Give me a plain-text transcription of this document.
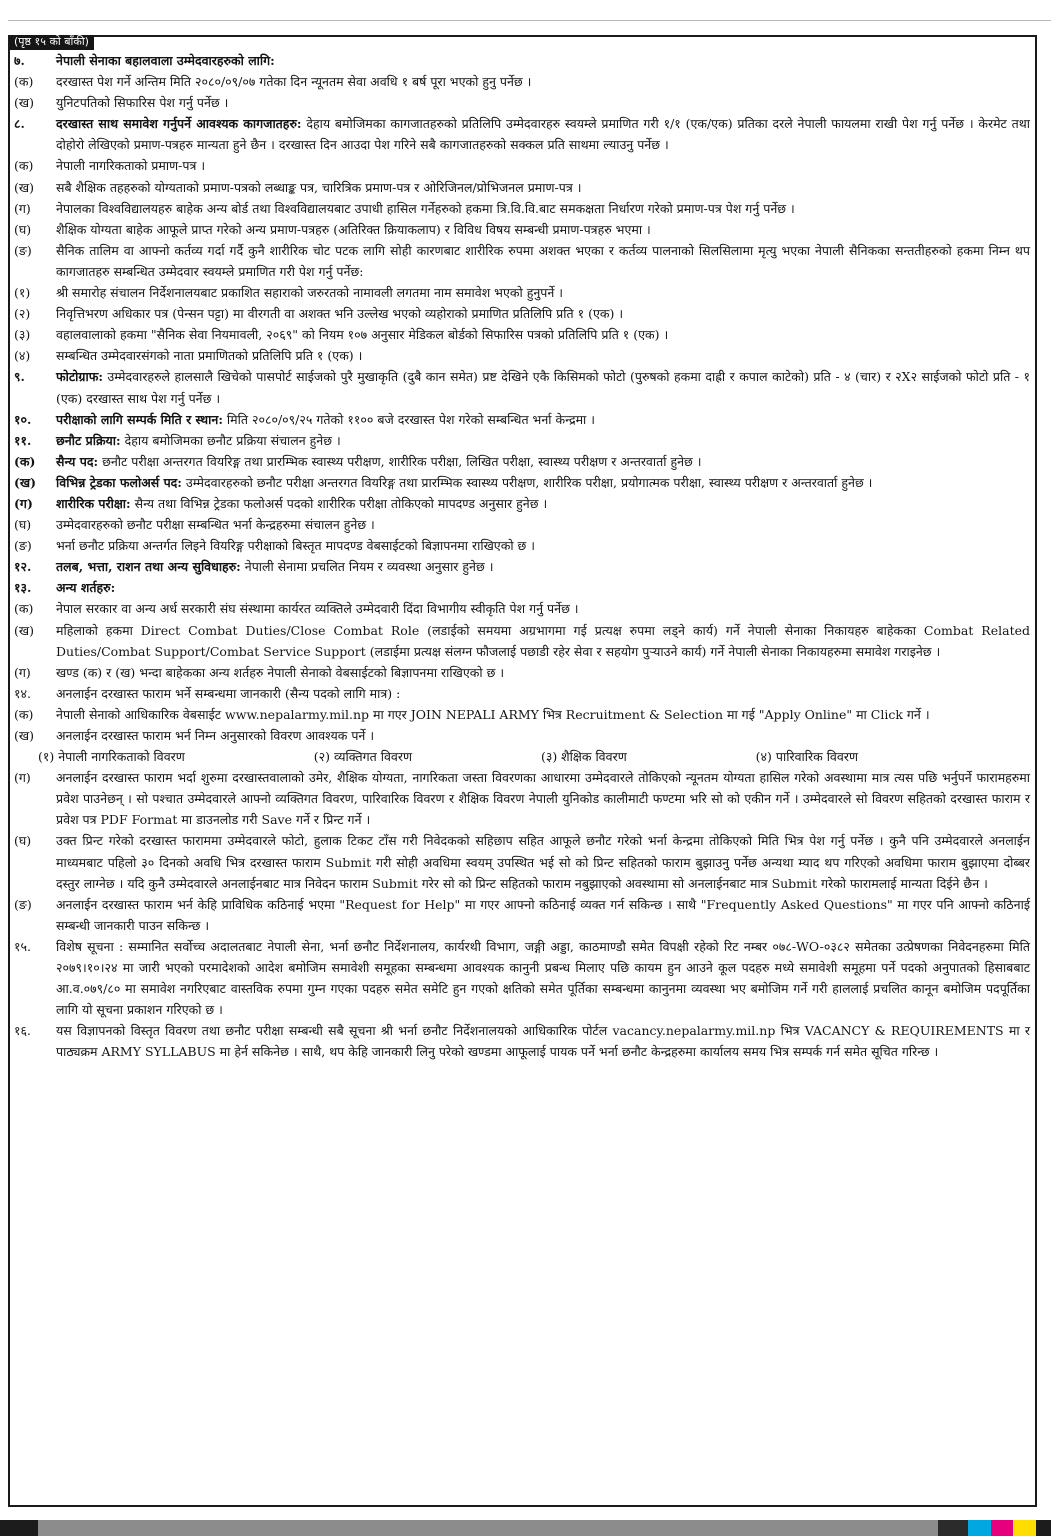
(पृष्ठ १५ को बाँकी)
७.	नेपाली सेनाका बहालवाला उम्मेदवारहरुको लागि:
(क)	दरखास्त पेश गर्ने अन्तिम मिति २०८०/०९/०७ गतेका दिन न्यूनतम सेवा अवधि १ बर्ष पूरा भएको हुनु पर्नेछ ।
(ख)	युनिटपतिको सिफारिस पेश गर्नु पर्नेछ ।
८.	दरखास्त साथ समावेश गर्नुपर्ने आवश्यक कागजातहरु: देहाय बमोजिमका कागजातहरुको प्रतिलिपि उम्मेदवारहरु स्वयम्ले प्रमाणित गरी १/१ (एक/एक) प्रतिका दरले नेपाली फायलमा राखी पेश गर्नु पर्नेछ । केरमेट तथा दोहोरो लेखिएको प्रमाण-पत्रहरु मान्यता हुने छैन । दरखास्त दिन आउदा पेश गरिने सबै कागजातहरुको सक्कल प्रति साथमा ल्याउनु पर्नेछ ।
(क)	नेपाली नागरिकताको प्रमाण-पत्र ।
(ख)	सबै शैक्षिक तहहरुको योग्यताको प्रमाण-पत्रको लब्धाङ्क पत्र, चारित्रिक प्रमाण-पत्र र ओरिजिनल/प्रोभिजनल प्रमाण-पत्र ।
(ग)	नेपालका विश्वविद्यालयहरु बाहेक अन्य बोर्ड तथा विश्वविद्यालयबाट उपाधी हासिल गर्नेहरुको हकमा त्रि.वि.वि.बाट समकक्षता निर्धारण गरेको प्रमाण-पत्र पेश गर्नु पर्नेछ ।
(घ)	शैक्षिक योग्यता बाहेक आफूले प्राप्त गरेको अन्य प्रमाण-पत्रहरु (अतिरिक्त क्रियाकलाप) र विविध विषय सम्बन्धी प्रमाण-पत्रहरु भएमा ।
(ङ)	सैनिक तालिम वा आफ्नो कर्तव्य गर्दा गर्दै कुनै शारीरिक चोट पटक लागि सोही कारणबाट शारीरिक रुपमा अशक्त भएका र कर्तव्य पालनाको सिलसिलामा मृत्यु भएका नेपाली सैनिकका सन्ततीहरुको हकमा निम्न थप कागजातहरु सम्बन्धित उम्मेदवार स्वयम्ले प्रमाणित गरी पेश गर्नु पर्नेछ:
(१)	श्री समारोह संचालन निर्देशनालयबाट प्रकाशित सहाराको जरुरतको नामावली लगतमा नाम समावेश भएको हुनुपर्ने ।
(२)	निवृत्तिभरण अधिकार पत्र (पेन्सन पट्टा) मा वीरगती वा अशक्त भनि उल्लेख भएको व्यहोराको प्रमाणित प्रतिलिपि प्रति १ (एक) ।
(३)	वहालवालाको हकमा "सैनिक सेवा नियमावली, २०६९" को नियम १०७ अनुसार मेडिकल बोर्डको सिफारिस पत्रको प्रतिलिपि प्रति १ (एक) ।
(४)	सम्बन्धित उम्मेदवारसंगको नाता प्रमाणितको प्रतिलिपि प्रति १ (एक) ।
९.	फोटोग्राफ: उम्मेदवारहरुले हालसालै खिचेको पासपोर्ट साईजको पुरै मुखाकृति (दुबै कान समेत) प्रष्ट देखिने एकै किसिमको फोटो (पुरुषको हकमा दाह्री र कपाल काटेको) प्रति - ४ (चार) र २X२ साईजको फोटो प्रति - १ (एक) दरखास्त साथ पेश गर्नु पर्नेछ ।
१०.	परीक्षाको लागि सम्पर्क मिति र स्थान: मिति २०८०/०९/२५ गतेको ११०० बजे दरखास्त पेश गरेको सम्बन्धित भर्ना केन्द्रमा ।
११.	छनौट प्रक्रिया: देहाय बमोजिमका छनौट प्रक्रिया संचालन हुनेछ ।
(क)	सैन्य पद: छनौट परीक्षा अन्तरगत वियरिङ्ग तथा प्रारम्भिक स्वास्थ्य परीक्षण, शारीरिक परीक्षा, लिखित परीक्षा, स्वास्थ्य परीक्षण र अन्तरवार्ता हुनेछ ।
(ख)	विभिन्न ट्रेडका फलोअर्स पद: उम्मेदवारहरुको छनौट परीक्षा अन्तरगत वियरिङ्ग तथा प्रारम्भिक स्वास्थ्य परीक्षण, शारीरिक परीक्षा, प्रयोगात्मक परीक्षा, स्वास्थ्य परीक्षण र अन्तरवार्ता हुनेछ ।
(ग)	शारीरिक परीक्षा: सैन्य तथा विभिन्न ट्रेडका फलोअर्स पदको शारीरिक परीक्षा तोकिएको मापदण्ड अनुसार हुनेछ ।
(घ)	उम्मेदवारहरुको छनौट परीक्षा सम्बन्धित भर्ना केन्द्रहरुमा संचालन हुनेछ ।
(ङ)	भर्ना छनौट प्रक्रिया अन्तर्गत लिइने वियरिङ्ग परीक्षाको बिस्तृत मापदण्ड वेबसाईटको बिज्ञापनमा राखिएको छ ।
१२.	तलब, भत्ता, राशन तथा अन्य सुविधाहरु: नेपाली सेनामा प्रचलित नियम र व्यवस्था अनुसार हुनेछ ।
१३.	अन्य शर्तहरु:
(क)	नेपाल सरकार वा अन्य अर्ध सरकारी संघ संस्थामा कार्यरत व्यक्तिले उम्मेदवारी दिंदा विभागीय स्वीकृति पेश गर्नु पर्नेछ ।
(ख)	महिलाको हकमा Direct Combat Duties/Close Combat Role (लडाईको समयमा अग्रभागमा गई प्रत्यक्ष रुपमा लड्ने कार्य) गर्ने नेपाली सेनाका निकायहरु बाहेकका Combat Related Duties/Combat Support/Combat Service Support (लडाईमा प्रत्यक्ष संलग्न फौजलाई पछाडी रहेर सेवा र सहयोग पुऱ्याउने कार्य) गर्ने नेपाली सेनाका निकायहरुमा समावेश गराइनेछ ।
(ग)	खण्ड (क) र (ख) भन्दा बाहेकका अन्य शर्तहरु नेपाली सेनाको वेबसाईटको बिज्ञापनमा राखिएको छ ।
१४.	अनलाईन दरखास्त फाराम भर्ने सम्बन्धमा जानकारी (सैन्य पदको लागि मात्र) :
(क)	नेपाली सेनाको आधिकारिक वेबसाईट www.nepalarmy.mil.np मा गएर JOIN NEPALI ARMY भित्र Recruitment & Selection मा गई "Apply Online" मा Click गर्ने ।
(ख)	अनलाईन दरखास्त फाराम भर्न निम्न अनुसारको विवरण आवश्यक पर्ने ।
(१) नेपाली नागरिकताको विवरण	(२) व्यक्तिगत विवरण	(३) शैक्षिक विवरण	(४) पारिवारिक विवरण
(ग)	अनलाईन दरखास्त फाराम भर्दा शुरुमा दरखास्तवालाको उमेर, शैक्षिक योग्यता, नागरिकता जस्ता विवरणका आधारमा उम्मेदवारले तोकिएको न्यूनतम योग्यता हासिल गरेको अवस्थामा मात्र त्यस पछि भर्नुपर्ने फारामहरुमा प्रवेश पाउनेछन् । सो पश्चात उम्मेदवारले आफ्नो व्यक्तिगत विवरण, पारिवारिक विवरण र शैक्षिक विवरण नेपाली युनिकोड कालीमाटी फण्टमा भरि सो को एकीन गर्ने । उम्मेदवारले सो विवरण सहितको दरखास्त फाराम र प्रवेश पत्र PDF Format मा डाउनलोड गरी Save गर्ने र प्रिन्ट गर्ने ।
(घ)	उक्त प्रिन्ट गरेको दरखास्त फाराममा उम्मेदवारले फोटो, हुलाक टिकट टाँस गरी निवेदकको सहिछाप सहित आफूले छनौट गरेको भर्ना केन्द्रमा तोकिएको मिति भित्र पेश गर्नु पर्नेछ । कुनै पनि उम्मेदवारले अनलाईन माध्यमबाट पहिलो ३० दिनको अवधि भित्र दरखास्त फाराम Submit गरी सोही अवधिमा स्वयम् उपस्थित भई सो को प्रिन्ट सहितको फाराम बुझाउनु पर्नेछ अन्यथा म्याद थप गरिएको अवधिमा फाराम बुझाएमा दोब्बर दस्तुर लाग्नेछ । यदि कुनै उम्मेदवारले अनलाईनबाट मात्र निवेदन फाराम Submit गरेर सो को प्रिन्ट सहितको फाराम नबुझाएको अवस्थामा सो अनलाईनबाट मात्र Submit गरेको फारामलाई मान्यता दिईने छैन ।
(ङ)	अनलाईन दरखास्त फाराम भर्न केहि प्राविधिक कठिनाई भएमा "Request for Help" मा गएर आफ्नो कठिनाई व्यक्त गर्न सकिन्छ । साथै "Frequently Asked Questions" मा गएर पनि आफ्नो कठिनाई सम्बन्धी जानकारी पाउन सकिन्छ ।
१५.	विशेष सूचना : सम्मानित सर्वोच्च अदालतबाट नेपाली सेना, भर्ना छनौट निर्देशनालय, कार्यरथी विभाग, जङ्गी अड्डा, काठमाण्डौ समेत विपक्षी रहेको रिट नम्बर ०७८-WO-०३८२ समेतका उत्प्रेषणका निवेदनहरुमा मिति २०७९।१०।२४ मा जारी भएको परमादेशको आदेश बमोजिम समावेशी समूहका सम्बन्धमा आवश्यक कानुनी प्रबन्ध मिलाए पछि कायम हुन आउने कूल पदहरु मध्ये समावेशी समूहमा पर्ने पदको अनुपातको हिसाबबाट आ.व.०७९/८० मा समावेश नगरिएबाट वास्तविक रुपमा गुम्न गएका पदहरु समेत समेटि हुन गएको क्षतिको समेत पूर्तिका सम्बन्धमा कानुनमा व्यवस्था भए बमोजिम गर्ने गरी हाललाई प्रचलित कानून बमोजिम पदपूर्तिका लागि यो सूचना प्रकाशन गरिएको छ ।
१६.	यस विज्ञापनको विस्तृत विवरण तथा छनौट परीक्षा सम्बन्धी सबै सूचना श्री भर्ना छनौट निर्देशनालयको आधिकारिक पोर्टल vacancy.nepalarmy.mil.np भित्र VACANCY & REQUIREMENTS मा र पाठ्यक्रम ARMY SYLLABUS मा हेर्न सकिनेछ । साथै, थप केहि जानकारी लिनु परेको खण्डमा आफूलाई पायक पर्ने भर्ना छनौट केन्द्रहरुमा कार्यालय समय भित्र सम्पर्क गर्न समेत सूचित गरिन्छ ।
